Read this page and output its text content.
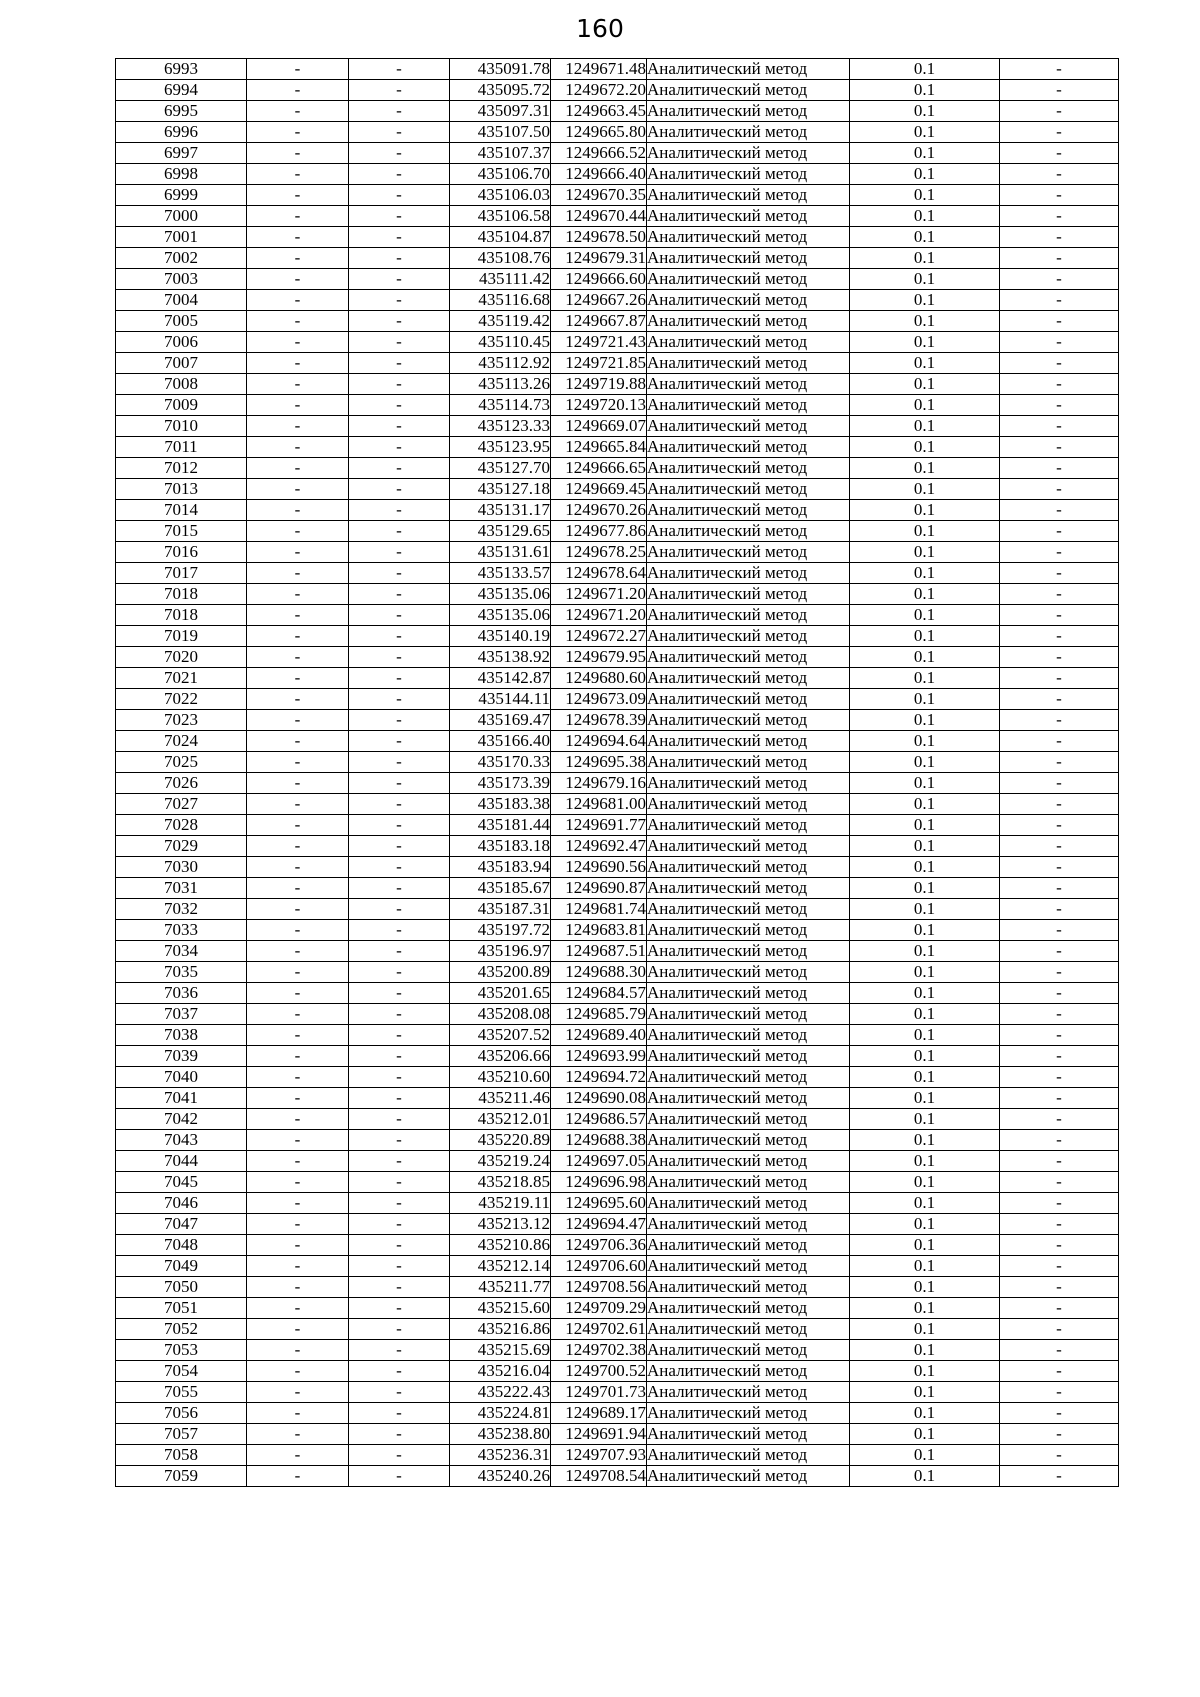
160
6993	-	-	435091.78	1249671.48	Аналитический метод	0.1	-
6994	-	-	435095.72	1249672.20	Аналитический метод	0.1	-
6995	-	-	435097.31	1249663.45	Аналитический метод	0.1	-
6996	-	-	435107.50	1249665.80	Аналитический метод	0.1	-
6997	-	-	435107.37	1249666.52	Аналитический метод	0.1	-
6998	-	-	435106.70	1249666.40	Аналитический метод	0.1	-
6999	-	-	435106.03	1249670.35	Аналитический метод	0.1	-
7000	-	-	435106.58	1249670.44	Аналитический метод	0.1	-
7001	-	-	435104.87	1249678.50	Аналитический метод	0.1	-
7002	-	-	435108.76	1249679.31	Аналитический метод	0.1	-
7003	-	-	435111.42	1249666.60	Аналитический метод	0.1	-
7004	-	-	435116.68	1249667.26	Аналитический метод	0.1	-
7005	-	-	435119.42	1249667.87	Аналитический метод	0.1	-
7006	-	-	435110.45	1249721.43	Аналитический метод	0.1	-
7007	-	-	435112.92	1249721.85	Аналитический метод	0.1	-
7008	-	-	435113.26	1249719.88	Аналитический метод	0.1	-
7009	-	-	435114.73	1249720.13	Аналитический метод	0.1	-
7010	-	-	435123.33	1249669.07	Аналитический метод	0.1	-
7011	-	-	435123.95	1249665.84	Аналитический метод	0.1	-
7012	-	-	435127.70	1249666.65	Аналитический метод	0.1	-
7013	-	-	435127.18	1249669.45	Аналитический метод	0.1	-
7014	-	-	435131.17	1249670.26	Аналитический метод	0.1	-
7015	-	-	435129.65	1249677.86	Аналитический метод	0.1	-
7016	-	-	435131.61	1249678.25	Аналитический метод	0.1	-
7017	-	-	435133.57	1249678.64	Аналитический метод	0.1	-
7018	-	-	435135.06	1249671.20	Аналитический метод	0.1	-
7018	-	-	435135.06	1249671.20	Аналитический метод	0.1	-
7019	-	-	435140.19	1249672.27	Аналитический метод	0.1	-
7020	-	-	435138.92	1249679.95	Аналитический метод	0.1	-
7021	-	-	435142.87	1249680.60	Аналитический метод	0.1	-
7022	-	-	435144.11	1249673.09	Аналитический метод	0.1	-
7023	-	-	435169.47	1249678.39	Аналитический метод	0.1	-
7024	-	-	435166.40	1249694.64	Аналитический метод	0.1	-
7025	-	-	435170.33	1249695.38	Аналитический метод	0.1	-
7026	-	-	435173.39	1249679.16	Аналитический метод	0.1	-
7027	-	-	435183.38	1249681.00	Аналитический метод	0.1	-
7028	-	-	435181.44	1249691.77	Аналитический метод	0.1	-
7029	-	-	435183.18	1249692.47	Аналитический метод	0.1	-
7030	-	-	435183.94	1249690.56	Аналитический метод	0.1	-
7031	-	-	435185.67	1249690.87	Аналитический метод	0.1	-
7032	-	-	435187.31	1249681.74	Аналитический метод	0.1	-
7033	-	-	435197.72	1249683.81	Аналитический метод	0.1	-
7034	-	-	435196.97	1249687.51	Аналитический метод	0.1	-
7035	-	-	435200.89	1249688.30	Аналитический метод	0.1	-
7036	-	-	435201.65	1249684.57	Аналитический метод	0.1	-
7037	-	-	435208.08	1249685.79	Аналитический метод	0.1	-
7038	-	-	435207.52	1249689.40	Аналитический метод	0.1	-
7039	-	-	435206.66	1249693.99	Аналитический метод	0.1	-
7040	-	-	435210.60	1249694.72	Аналитический метод	0.1	-
7041	-	-	435211.46	1249690.08	Аналитический метод	0.1	-
7042	-	-	435212.01	1249686.57	Аналитический метод	0.1	-
7043	-	-	435220.89	1249688.38	Аналитический метод	0.1	-
7044	-	-	435219.24	1249697.05	Аналитический метод	0.1	-
7045	-	-	435218.85	1249696.98	Аналитический метод	0.1	-
7046	-	-	435219.11	1249695.60	Аналитический метод	0.1	-
7047	-	-	435213.12	1249694.47	Аналитический метод	0.1	-
7048	-	-	435210.86	1249706.36	Аналитический метод	0.1	-
7049	-	-	435212.14	1249706.60	Аналитический метод	0.1	-
7050	-	-	435211.77	1249708.56	Аналитический метод	0.1	-
7051	-	-	435215.60	1249709.29	Аналитический метод	0.1	-
7052	-	-	435216.86	1249702.61	Аналитический метод	0.1	-
7053	-	-	435215.69	1249702.38	Аналитический метод	0.1	-
7054	-	-	435216.04	1249700.52	Аналитический метод	0.1	-
7055	-	-	435222.43	1249701.73	Аналитический метод	0.1	-
7056	-	-	435224.81	1249689.17	Аналитический метод	0.1	-
7057	-	-	435238.80	1249691.94	Аналитический метод	0.1	-
7058	-	-	435236.31	1249707.93	Аналитический метод	0.1	-
7059	-	-	435240.26	1249708.54	Аналитический метод	0.1	-
